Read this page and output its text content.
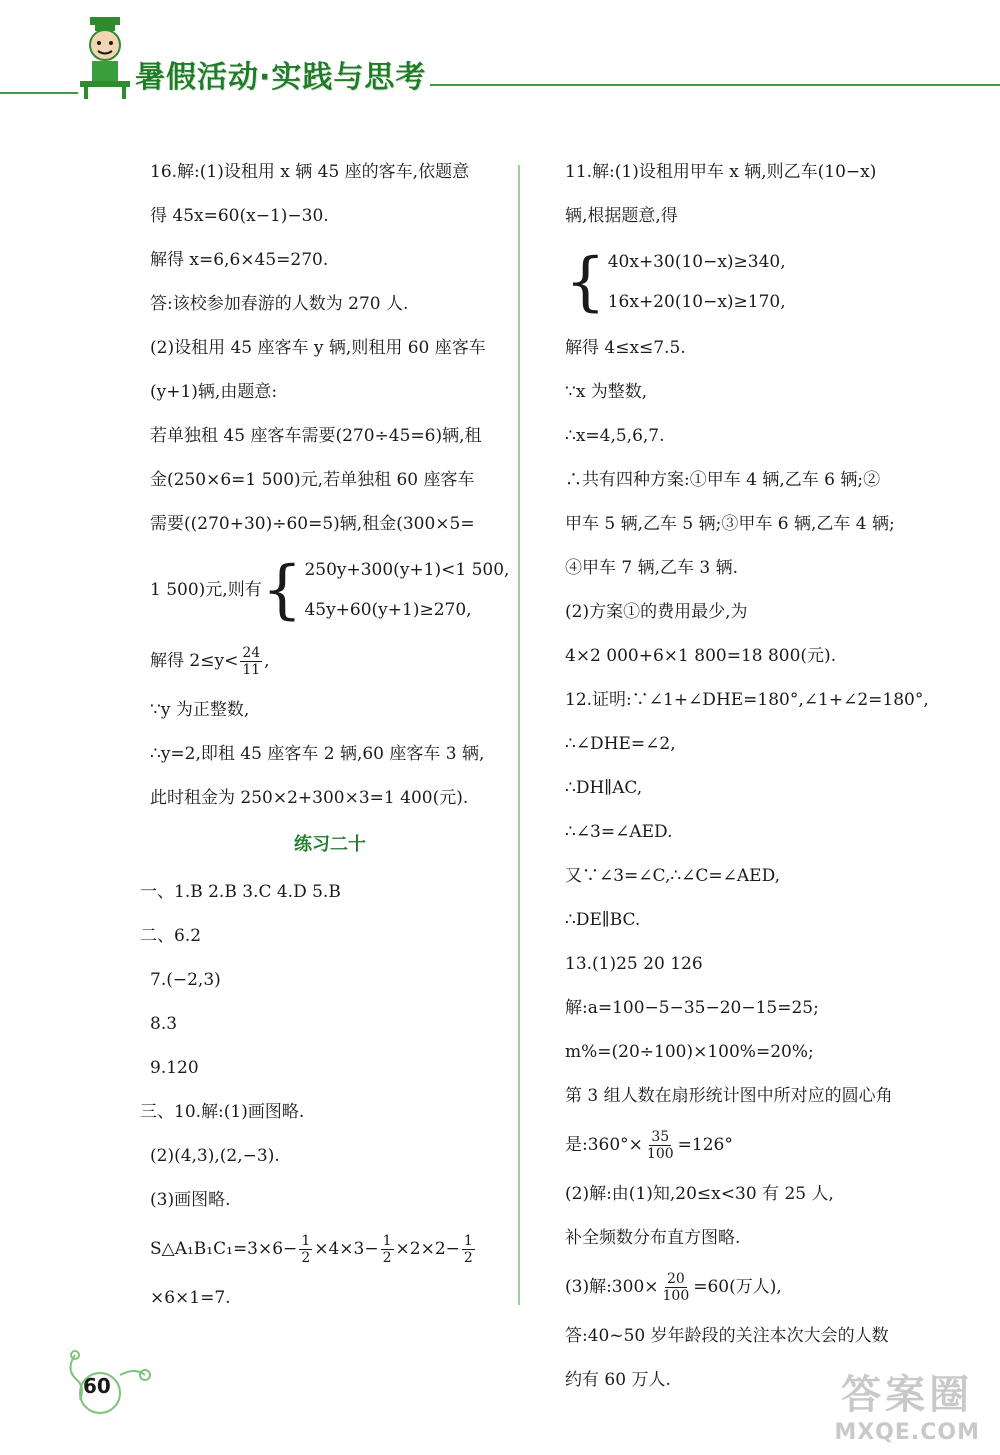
暑假活动·实践与思考
16.解:(1)设租用 x 辆 45 座的客车,依题意
得 45x=60(x−1)−30.
解得 x=6,6×45=270.
答:该校参加春游的人数为 270 人.
(2)设租用 45 座客车 y 辆,则租用 60 座客车
(y+1)辆,由题意:
若单独租 45 座客车需要(270÷45=6)辆,租
金(250×6=1 500)元,若单独租 60 座客车
需要((270+30)÷60=5)辆,租金(300×5=
1 500)元,则有 { 250y+300(y+1)<1 500,
45y+60(y+1)≥270,
解得 $2\le y< \frac{24}{11}$ ,
∵y 为正整数,
∴y=2,即租 45 座客车 2 辆,60 座客车 3 辆,
此时租金为 250×2+300×3=1 400(元).
练习二十
一、1.B 2.B 3.C 4.D 5.B
二、6.2
7.(−2,3)
8.3
9.120
三、10.解:(1)画图略.
(2)(4,3),(2,−3).
(3)画图略.
S△A₁B₁C₁=3×6− $\frac{1}{2} \times 4\times 3- \frac{1}{2} \times 2\times 2- \frac{1}{2}$
×6×1=7.
11.解:(1)设租用甲车 x 辆,则乙车(10−x)
辆,根据题意,得
{ 40x+30(10−x)≥340,
16x+20(10−x)≥170,
解得 4≤x≤7.5.
∵x 为整数,
∴x=4,5,6,7.
∴共有四种方案:①甲车 4 辆,乙车 6 辆;②
甲车 5 辆,乙车 5 辆;③甲车 6 辆,乙车 4 辆;
④甲车 7 辆,乙车 3 辆.
(2)方案①的费用最少,为
4×2 000+6×1 800=18 800(元).
12.证明:∵∠1+∠DHE=180°,∠1+∠2=180°,
∴∠DHE=∠2,
∴DH∥AC,
∴∠3=∠AED.
又∵∠3=∠C,∴∠C=∠AED,
∴DE∥BC.
13.(1)25 20 126
解:a=100−5−35−20−15=25;
m%=(20÷100)×100%=20%;
第 3 组人数在扇形统计图中所对应的圆心角
是:360°× $\frac{35}{100} =126^\circ$
(2)解:由(1)知,20≤x<30 有 25 人,
补全频数分布直方图略.
(3)解:300× $\frac{20}{100} =60$(万人),
答:40~50 岁年龄段的关注本次大会的人数
约有 60 万人.
60	答案圈
MXQE.COM
